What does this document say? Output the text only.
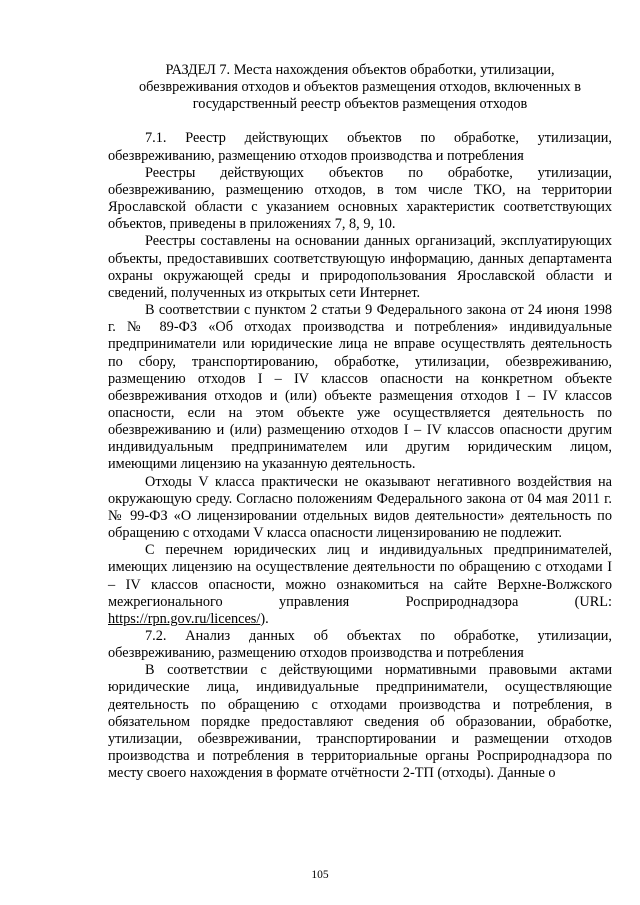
РАЗДЕЛ 7. Места нахождения объектов обработки, утилизации,
обезвреживания отходов и объектов размещения отходов, включенных в
государственный реестр объектов размещения отходов

7.1. Реестр действующих объектов по обработке, утилизации, обезвреживанию, размещению отходов производства и потребления

Реестры действующих объектов по обработке, утилизации, обезвреживанию, размещению отходов, в том числе ТКО, на территории Ярославской области с указанием основных характеристик соответствующих объектов, приведены в приложениях 7, 8, 9, 10.

Реестры составлены на основании данных организаций, эксплуатирующих объекты, предоставивших соответствующую информацию, данных департамента охраны окружающей среды и природопользования Ярославской области и сведений, полученных из открытых сети Интернет.

В соответствии с пунктом 2 статьи 9 Федерального закона от 24 июня 1998 г. № 89-ФЗ «Об отходах производства и потребления» индивидуальные предприниматели или юридические лица не вправе осуществлять деятельность по сбору, транспортированию, обработке, утилизации, обезвреживанию, размещению отходов I – IV классов опасности на конкретном объекте обезвреживания отходов и (или) объекте размещения отходов I – IV классов опасности, если на этом объекте уже осуществляется деятельность по обезвреживанию и (или) размещению отходов I – IV классов опасности другим индивидуальным предпринимателем или другим юридическим лицом, имеющими лицензию на указанную деятельность.

Отходы V класса практически не оказывают негативного воздействия на окружающую среду. Согласно положениям Федерального закона от 04 мая 2011 г. № 99-ФЗ «О лицензировании отдельных видов деятельности» деятельность по обращению с отходами V класса опасности лицензированию не подлежит.

С перечнем юридических лиц и индивидуальных предпринимателей, имеющих лицензию на осуществление деятельности по обращению с отходами I – IV классов опасности, можно ознакомиться на сайте Верхне-Волжского межрегионального управления Росприроднадзора (URL: https://rpn.gov.ru/licences/).

7.2. Анализ данных об объектах по обработке, утилизации, обезвреживанию, размещению отходов производства и потребления

В соответствии с действующими нормативными правовыми актами юридические лица, индивидуальные предприниматели, осуществляющие деятельность по обращению с отходами производства и потребления, в обязательном порядке предоставляют сведения об образовании, обработке, утилизации, обезвреживании, транспортировании и размещении отходов производства и потребления в территориальные органы Росприроднадзора по месту своего нахождения в формате отчётности 2-ТП (отходы). Данные о

105
